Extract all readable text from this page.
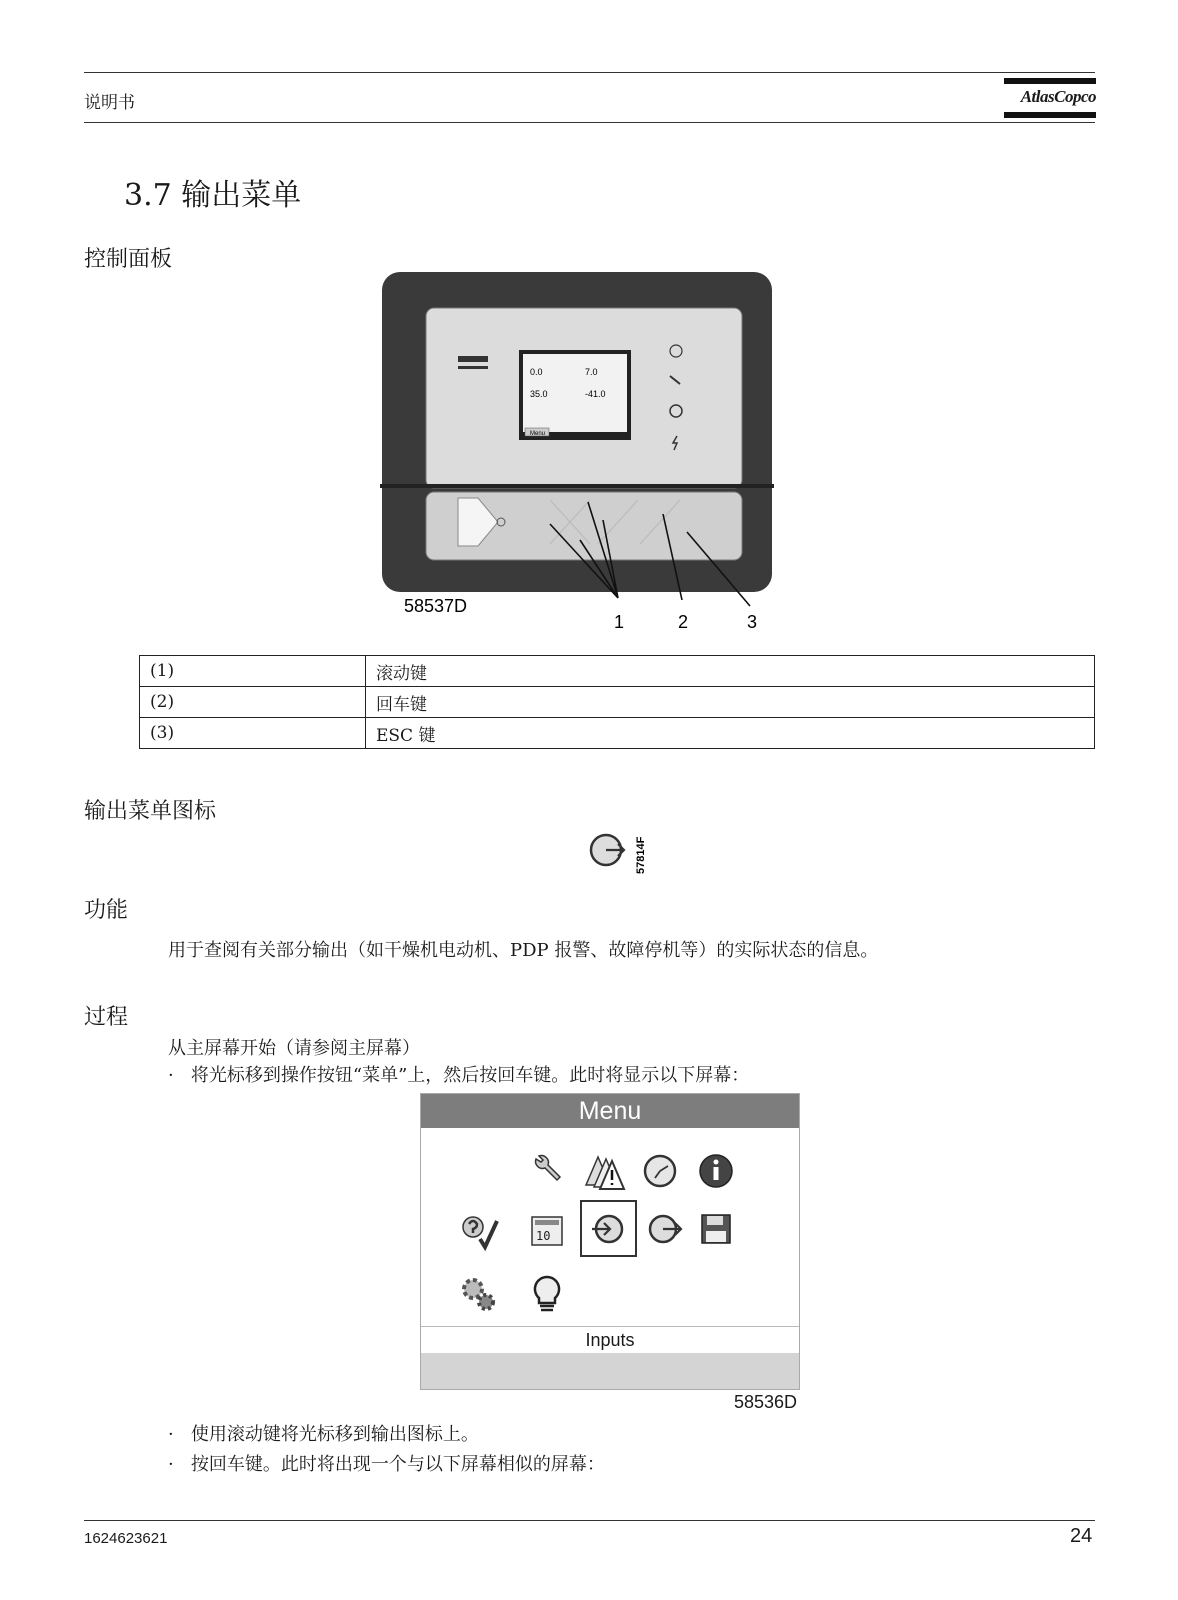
说明书	AtlasCopco
3.7 输出菜单
控制面板
0.0	7.0
35.0	-41.0
Menu
58537D
1	2	3
(1)	滚动键
(2)	回车键
(3)	ESC 键
输出菜单图标
57814F
功能
用于查阅有关部分输出（如干燥机电动机、PDP 报警、故障停机等）的实际状态的信息。
过程
从主屏幕开始（请参阅主屏幕）
· 将光标移到操作按钮“菜单”上，然后按回车键。此时将显示以下屏幕：
Menu
10
Inputs
58536D
· 使用滚动键将光标移到输出图标上。
· 按回车键。此时将出现一个与以下屏幕相似的屏幕：
1624623621	24
